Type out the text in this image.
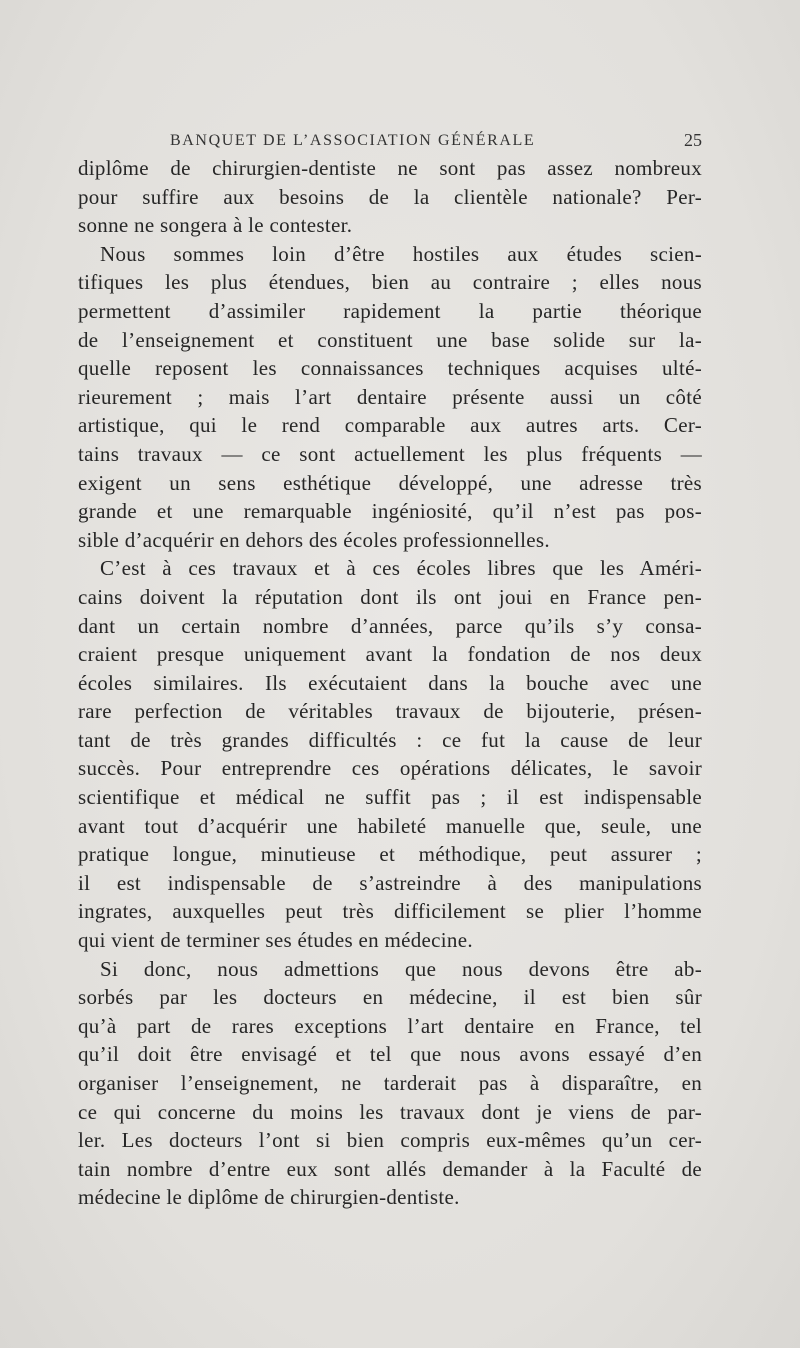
BANQUET DE L’ASSOCIATION GÉNÉRALE	25
diplôme de chirurgien-dentiste ne sont pas assez nombreux
pour suffire aux besoins de la clientèle nationale? Per-
sonne ne songera à le contester.
Nous sommes loin d’être hostiles aux études scien-
tifiques les plus étendues, bien au contraire ; elles nous
permettent d’assimiler rapidement la partie théorique
de l’enseignement et constituent une base solide sur la-
quelle reposent les connaissances techniques acquises ulté-
rieurement ; mais l’art dentaire présente aussi un côté
artistique, qui le rend comparable aux autres arts. Cer-
tains travaux — ce sont actuellement les plus fréquents —
exigent un sens esthétique développé, une adresse très
grande et une remarquable ingéniosité, qu’il n’est pas pos-
sible d’acquérir en dehors des écoles professionnelles.
C’est à ces travaux et à ces écoles libres que les Améri-
cains doivent la réputation dont ils ont joui en France pen-
dant un certain nombre d’années, parce qu’ils s’y consa-
craient presque uniquement avant la fondation de nos deux
écoles similaires. Ils exécutaient dans la bouche avec une
rare perfection de véritables travaux de bijouterie, présen-
tant de très grandes difficultés : ce fut la cause de leur
succès. Pour entreprendre ces opérations délicates, le savoir
scientifique et médical ne suffit pas ; il est indispensable
avant tout d’acquérir une habileté manuelle que, seule, une
pratique longue, minutieuse et méthodique, peut assurer ;
il est indispensable de s’astreindre à des manipulations
ingrates, auxquelles peut très difficilement se plier l’homme
qui vient de terminer ses études en médecine.
Si donc, nous admettions que nous devons être ab-
sorbés par les docteurs en médecine, il est bien sûr
qu’à part de rares exceptions l’art dentaire en France, tel
qu’il doit être envisagé et tel que nous avons essayé d’en
organiser l’enseignement, ne tarderait pas à disparaître, en
ce qui concerne du moins les travaux dont je viens de par-
ler. Les docteurs l’ont si bien compris eux-mêmes qu’un cer-
tain nombre d’entre eux sont allés demander à la Faculté de
médecine le diplôme de chirurgien-dentiste.
